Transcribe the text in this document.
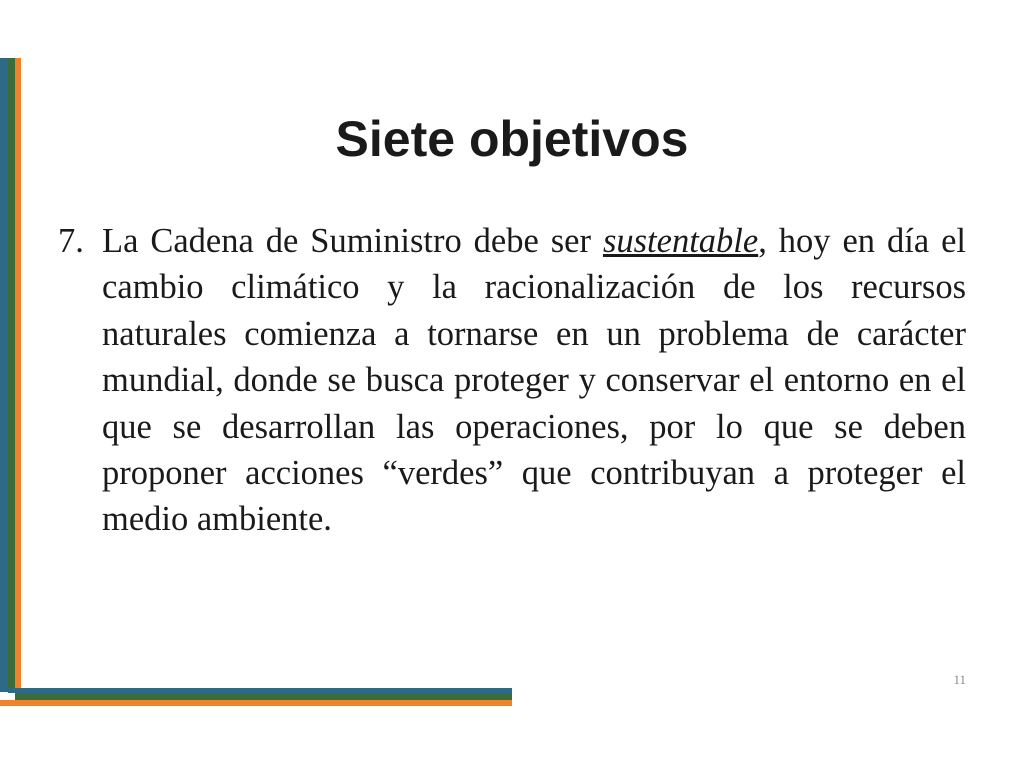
Siete objetivos
7. La Cadena de Suministro debe ser sustentable, hoy en día el cambio climático y la racionalización de los recursos naturales comienza a tornarse en un problema de carácter mundial, donde se busca proteger y conservar el entorno en el que se desarrollan las operaciones, por lo que se deben proponer acciones “verdes” que contribuyan a proteger el medio ambiente.
11
